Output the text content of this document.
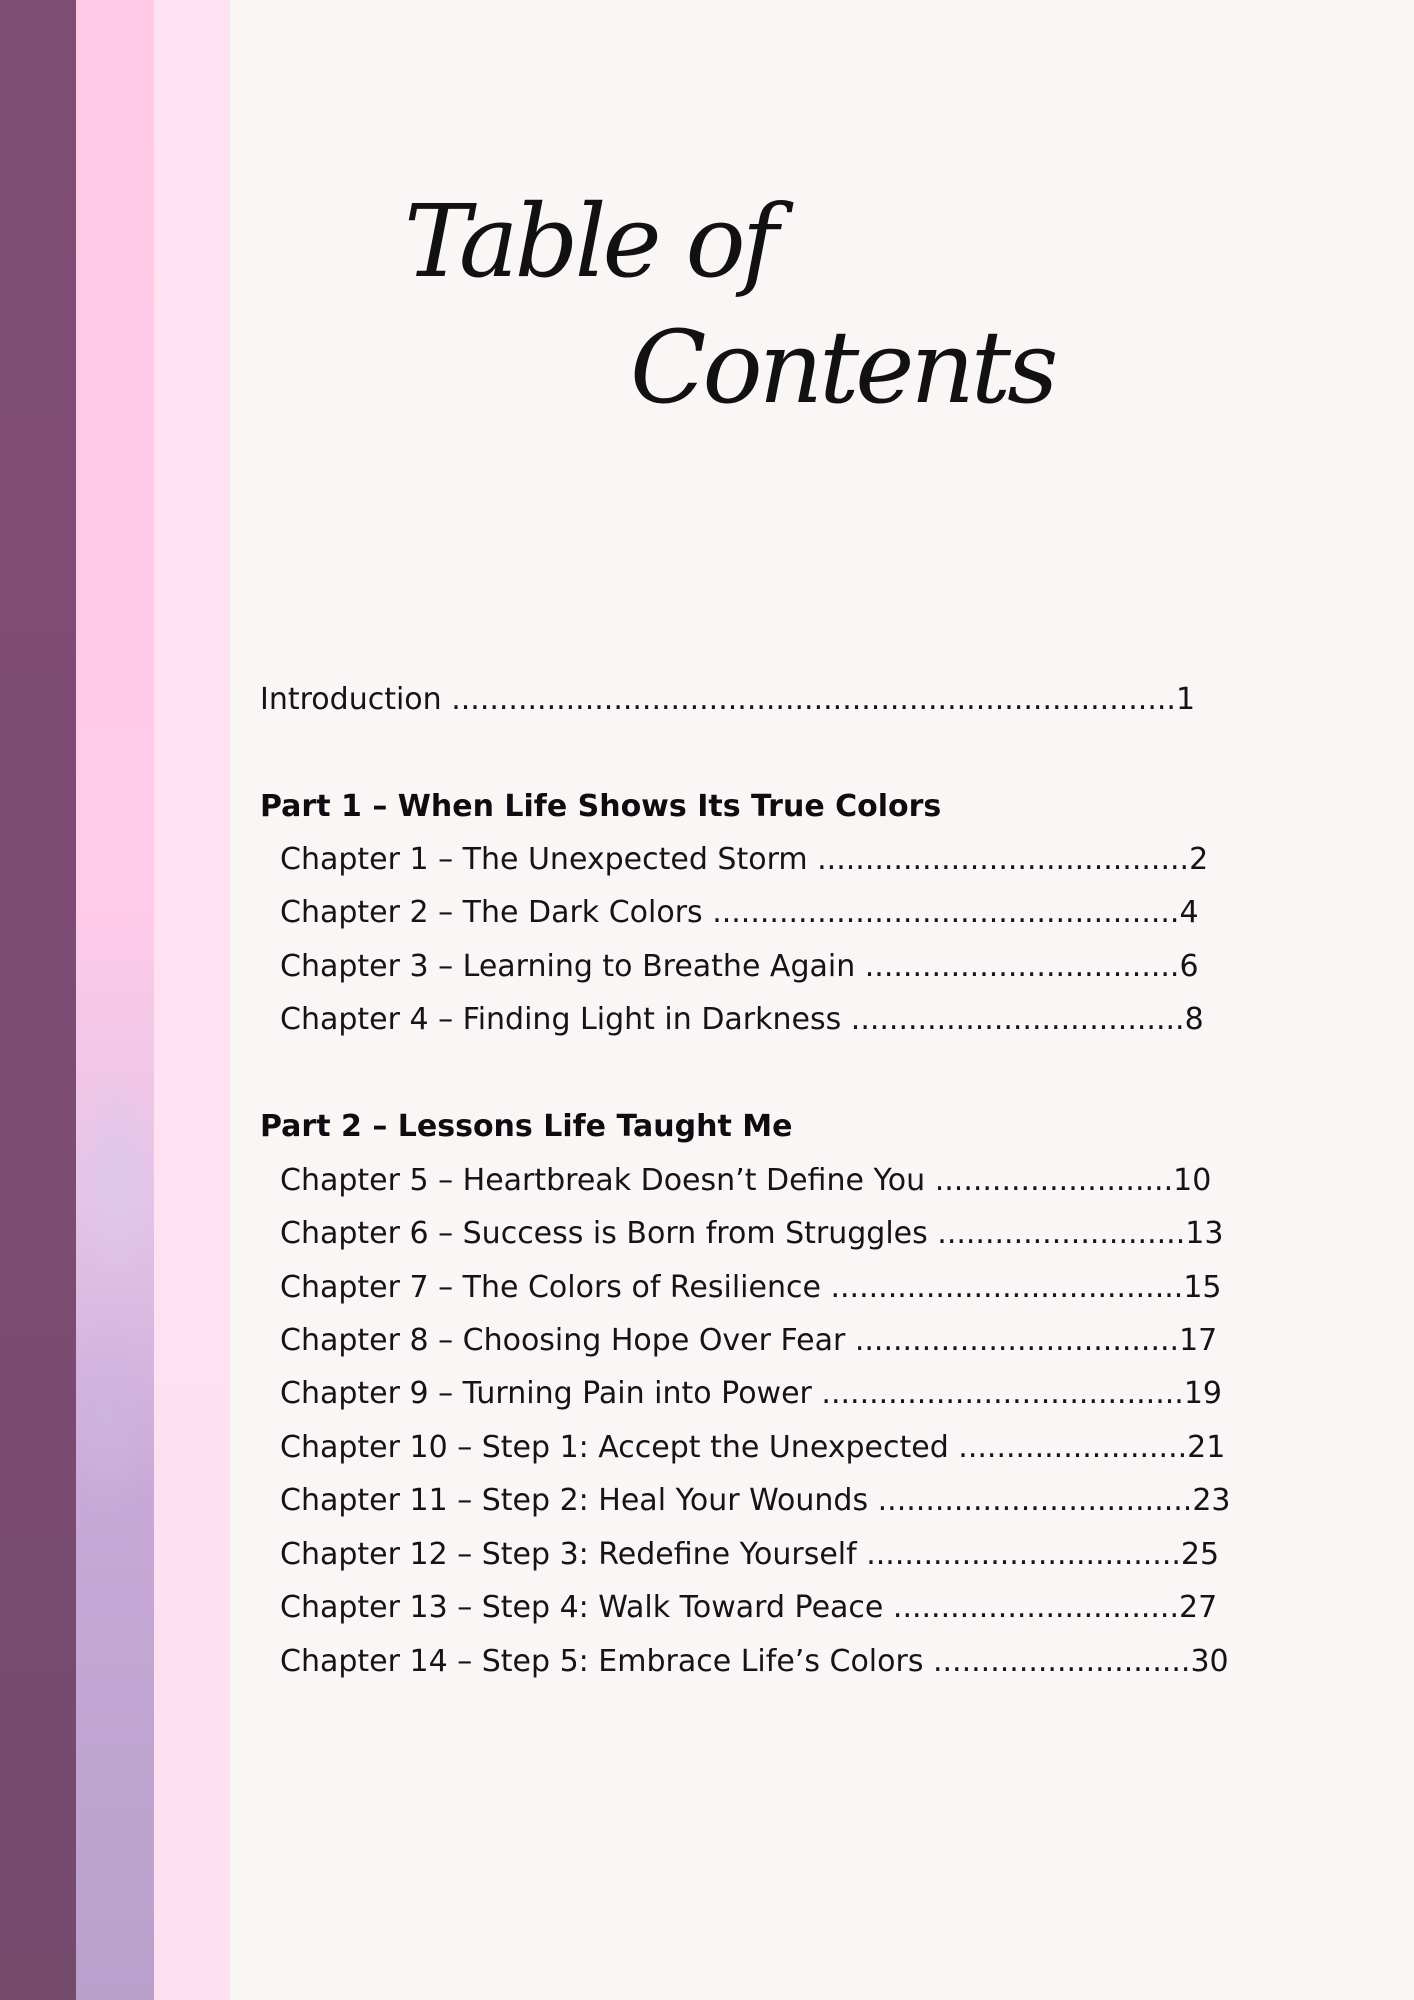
Table of
Contents
Introduction ............................................................................1
Part 1 – When Life Shows Its True Colors
Chapter 1 – The Unexpected Storm .......................................2
Chapter 2 – The Dark Colors .................................................4
Chapter 3 – Learning to Breathe Again .................................6
Chapter 4 – Finding Light in Darkness ...................................8
Part 2 – Lessons Life Taught Me
Chapter 5 – Heartbreak Doesn’t Define You .........................10
Chapter 6 – Success is Born from Struggles ..........................13
Chapter 7 – The Colors of Resilience .....................................15
Chapter 8 – Choosing Hope Over Fear ..................................17
Chapter 9 – Turning Pain into Power ......................................19
Chapter 10 – Step 1: Accept the Unexpected ........................21
Chapter 11 – Step 2: Heal Your Wounds .................................23
Chapter 12 – Step 3: Redefine Yourself .................................25
Chapter 13 – Step 4: Walk Toward Peace ..............................27
Chapter 14 – Step 5: Embrace Life’s Colors ...........................30
